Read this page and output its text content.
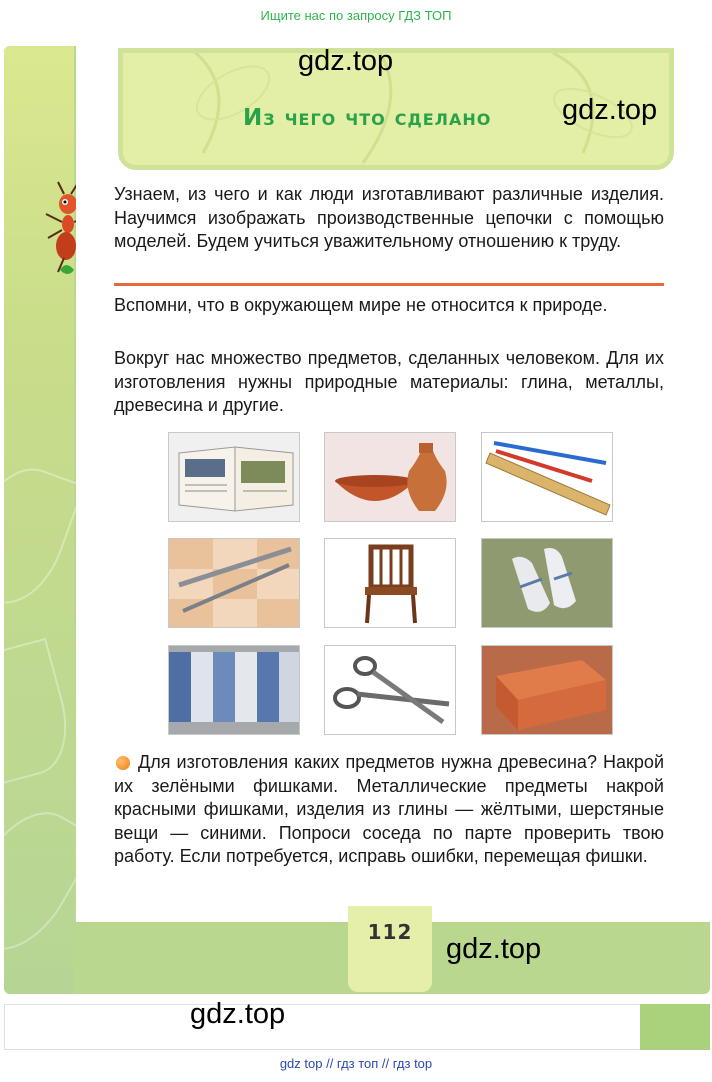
Ищите нас по запросу ГДЗ ТОП
Из чего что сделано
gdz.top
gdz.top
Узнаем, из чего и как люди изготавливают различные изделия. Научимся изображать производственные цепочки с помощью моделей. Будем учиться уважительному отношению к труду.
Вспомни, что в окружающем мире не относится к природе.
Вокруг нас множество предметов, сделанных человеком. Для их изготовления нужны природные материалы: глина, металлы, древесина и другие.
Для изготовления каких предметов нужна древесина? Накрой их зелёными фишками. Металлические предметы накрой красными фишками, изделия из глины — жёлтыми, шерстяные вещи — синими. Попроси соседа по парте проверить твою работу. Если потребуется, исправь ошибки, перемещая фишки.
112
gdz.top
gdz.top
gdz top // гдз топ // гдз top
